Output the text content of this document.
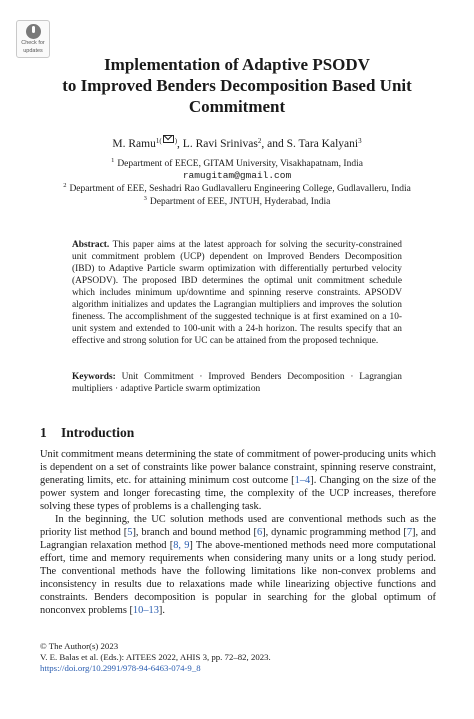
Check for
updates
Implementation of Adaptive PSODV
to Improved Benders Decomposition Based Unit
Commitment
M. Ramu$^{1( )}$, L. Ravi Srinivas$^2$, and S. Tara Kalyani$^3$
$^1$ Department of EECE, GITAM University, Visakhapatnam, India
ramugitam@gmail.com
$^2$ Department of EEE, Seshadri Rao Gudlavalleru Engineering College, Gudlavalleru, India
$^3$ Department of EEE, JNTUH, Hyderabad, India
Abstract. This paper aims at the latest approach for solving the security-constrained unit commitment problem (UCP) dependent on Improved Benders Decomposition (IBD) to Adaptive Particle swarm optimization with differentially perturbed velocity (APSODV). The proposed IBD determines the optimal unit commitment schedule which includes minimum up/downtime and spinning reserve constraints. APSODV algorithm initializes and updates the Lagrangian multipliers and improves the solution fineness. The accomplishment of the suggested technique is at first examined on a 10-unit system and extended to 100-unit with a 24-h horizon. The results specify that an effective and strong solution for UC can be attained from the proposed technique.
Keywords: Unit Commitment · Improved Benders Decomposition · Lagrangian multipliers · adaptive Particle swarm optimization
1 Introduction
Unit commitment means determining the state of commitment of power-producing units which is dependent on a set of constraints like power balance constraint, spinning reserve constraint, generating limits, etc. for attaining minimum cost outcome [1–4]. Changing on the size of the power system and longer forecasting time, the complexity of the UCP increases, therefore solving these types of problems is a challenging task.
In the beginning, the UC solution methods used are conventional methods such as the priority list method [5], branch and bound method [6], dynamic programming method [7], and Lagrangian relaxation method [8, 9] The above-mentioned methods need more computational effort, time and memory requirements when considering many units or a long study period. The conventional methods have the following limitations like non-convex problems and inconsistency in results due to relaxations made while linearizing objective functions and constraints. Benders decomposition is popular in searching for the global optimum of nonconvex problems [10–13].
© The Author(s) 2023
V. E. Balas et al. (Eds.): AITEES 2022, AHIS 3, pp. 72–82, 2023.
https://doi.org/10.2991/978-94-6463-074-9_8
